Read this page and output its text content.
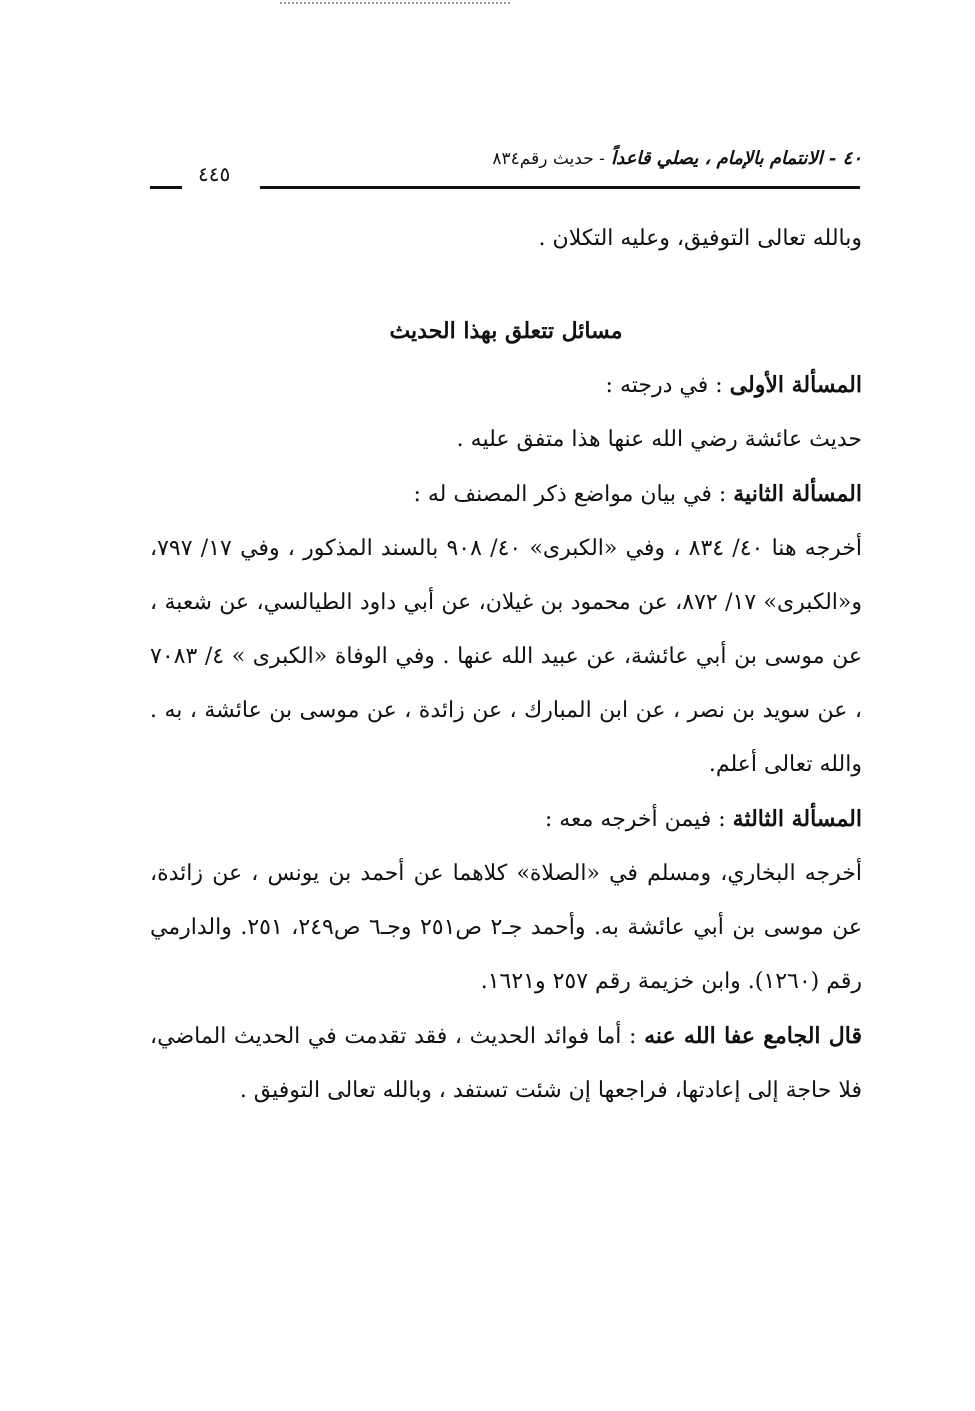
٤٠ - الانتمام بالإمام ، يصلي قاعداً - حديث رقم٨٣٤
٤٤٥

وبالله تعالى التوفيق، وعليه التكلان .

مسائل تتعلق بهذا الحديث

المسألة الأولى : في درجته :

حديث عائشة رضي الله عنها هذا متفق عليه .

المسألة الثانية : في بيان مواضع ذكر المصنف له :

أخرجه هنا ٤٠/ ٨٣٤ ، وفي «الكبرى» ٤٠/ ٩٠٨ بالسند المذكور ، وفي ١٧/ ٧٩٧، و«الكبرى» ١٧/ ٨٧٢، عن محمود بن غيلان، عن أبي داود الطيالسي، عن شعبة ، عن موسى بن أبي عائشة، عن عبيد الله عنها . وفي الوفاة «الكبرى » ٤/ ٧٠٨٣ ، عن سويد بن نصر ، عن ابن المبارك ، عن زائدة ، عن موسى بن عائشة ، به . والله تعالى أعلم.

المسألة الثالثة : فيمن أخرجه معه :

أخرجه البخاري، ومسلم في «الصلاة» كلاهما عن أحمد بن يونس ، عن زائدة، عن موسى بن أبي عائشة به. وأحمد جـ٢ ص٢٥١ وجـ٦ ص٢٤٩، ٢٥١. والدارمي رقم (١٢٦٠). وابن خزيمة رقم ٢٥٧ و١٦٢١.

قال الجامع عفا الله عنه : أما فوائد الحديث ، فقد تقدمت في الحديث الماضي، فلا حاجة إلى إعادتها، فراجعها إن شئت تستفد ، وبالله تعالى التوفيق .
